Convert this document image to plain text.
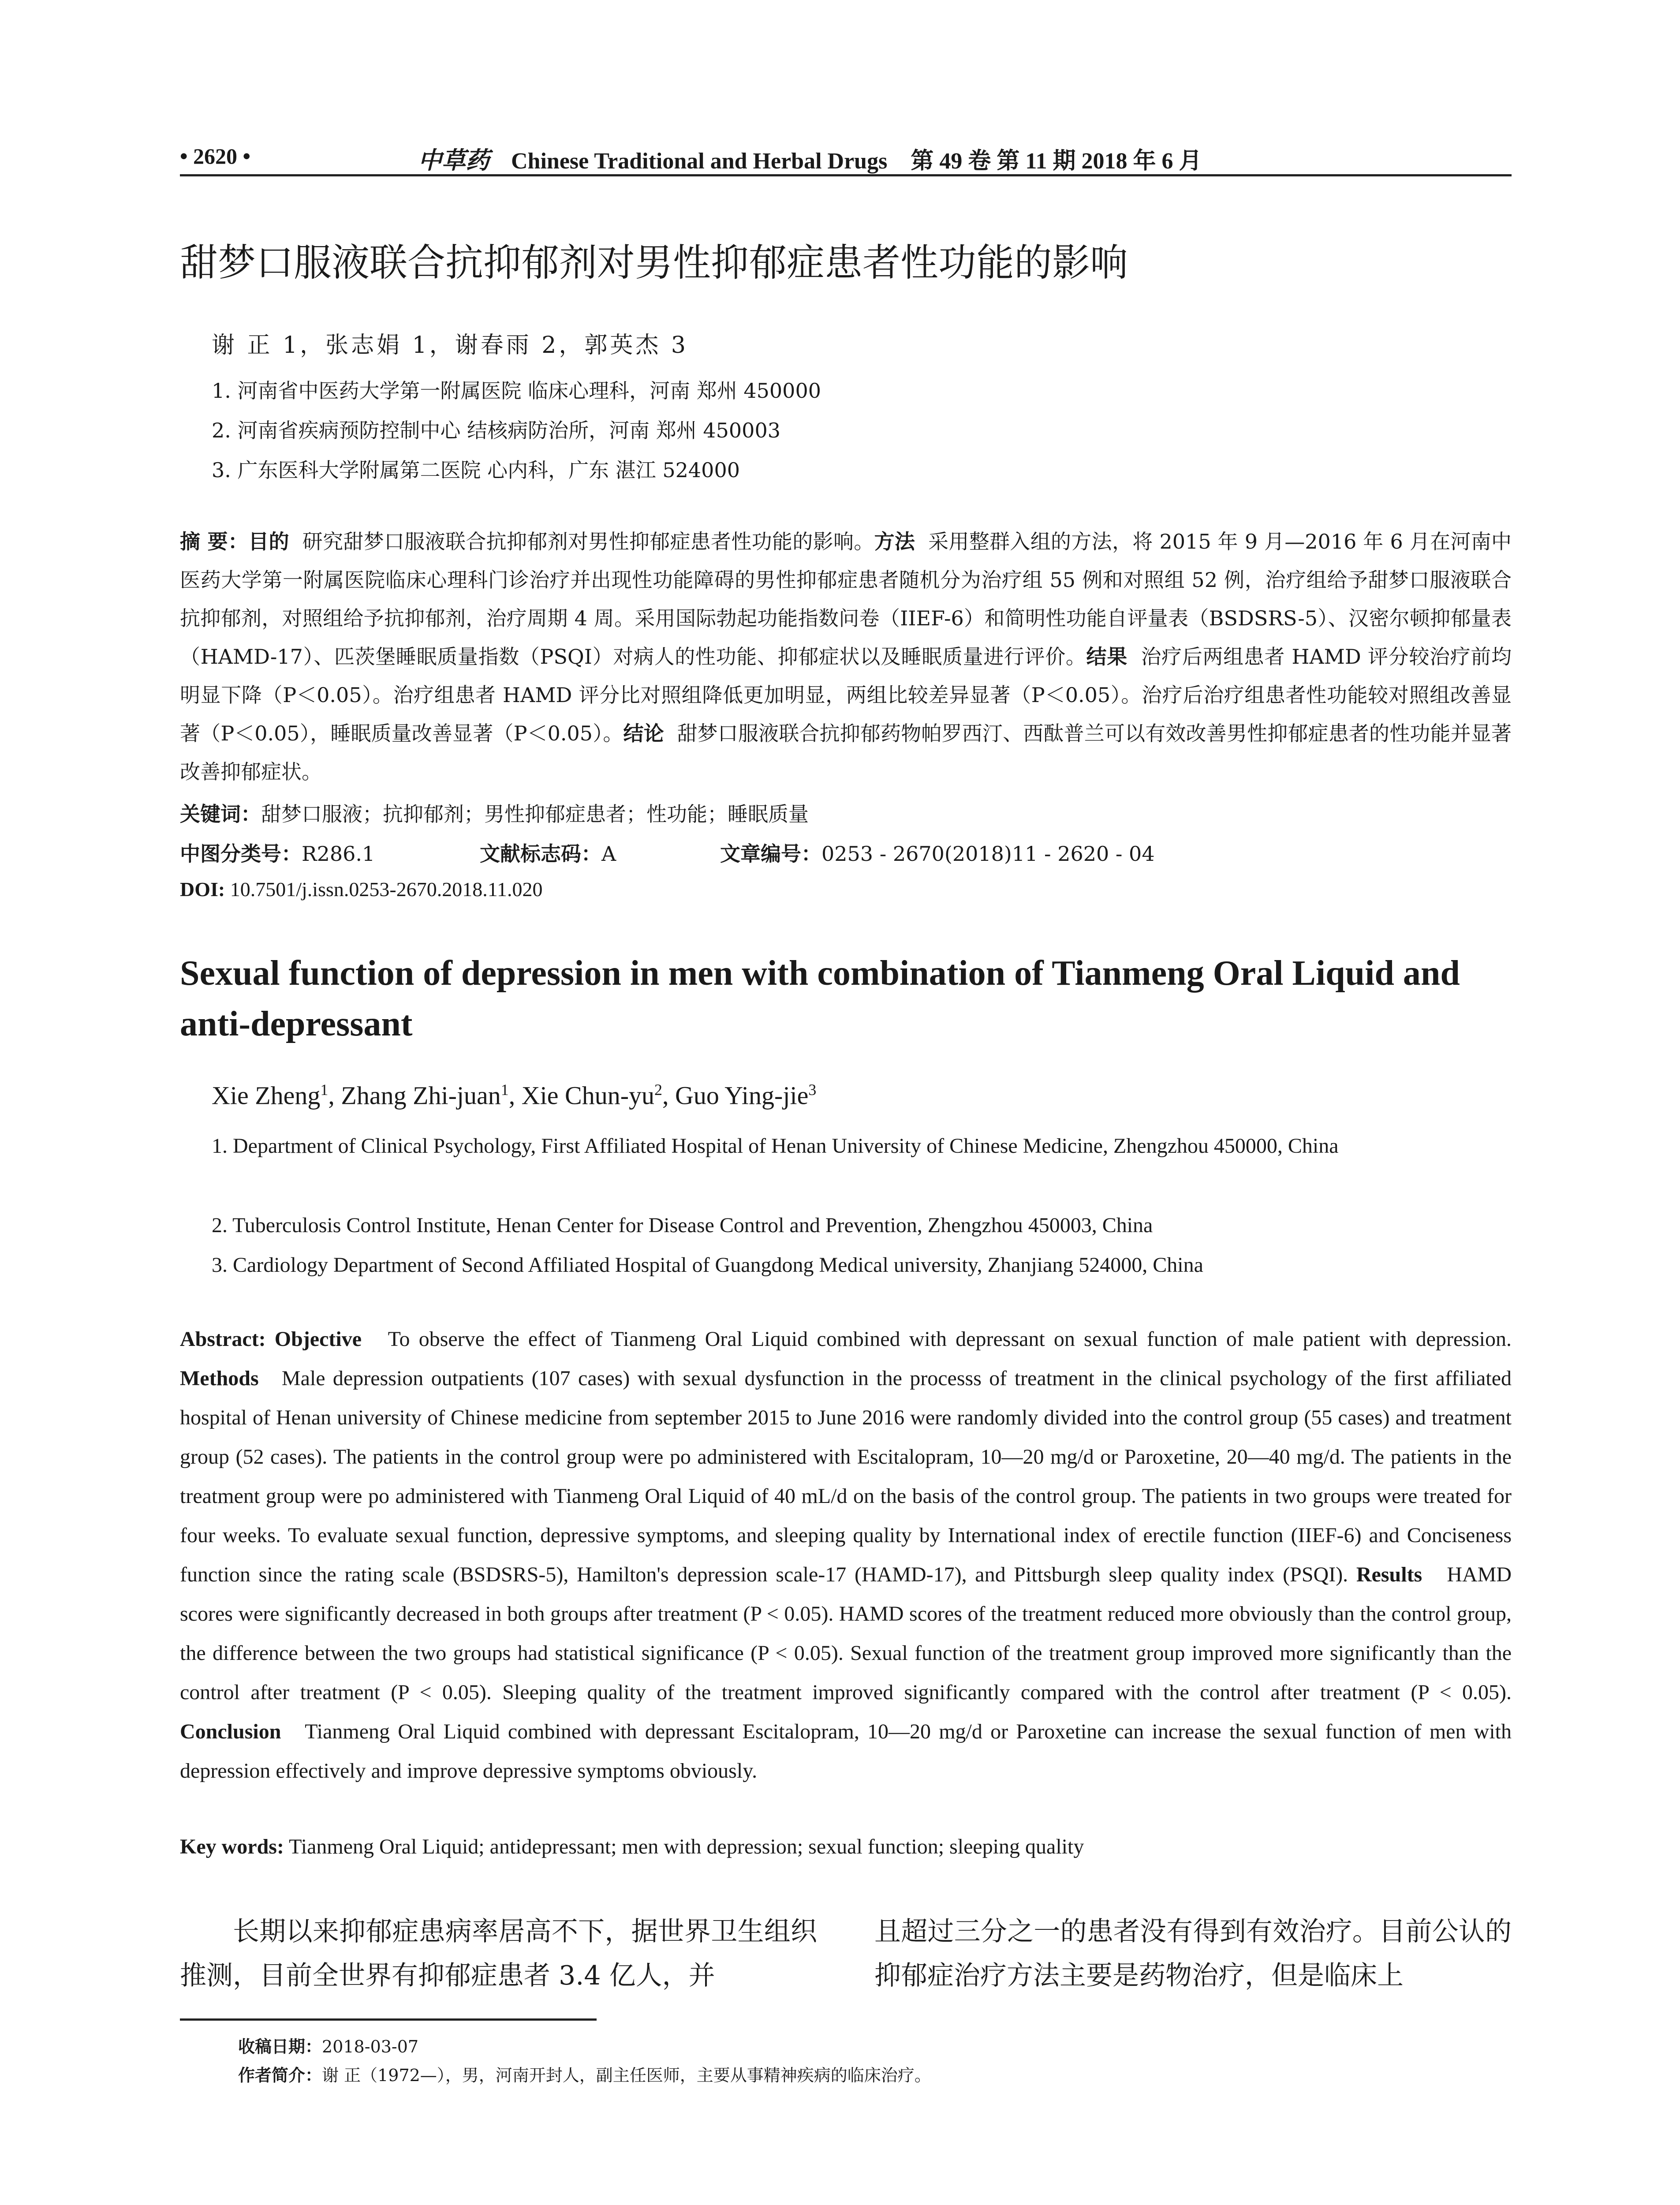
• 2620 •	中草药 Chinese Traditional and Herbal Drugs 第 49 卷 第 11 期 2018 年 6 月
甜梦口服液联合抗抑郁剂对男性抑郁症患者性功能的影响
谢 正 1，张志娟 1，谢春雨 2，郭英杰 3
1. 河南省中医药大学第一附属医院 临床心理科，河南 郑州 450000
2. 河南省疾病预防控制中心 结核病防治所，河南 郑州 450003
3. 广东医科大学附属第二医院 心内科，广东 湛江 524000
摘 要：目的 研究甜梦口服液联合抗抑郁剂对男性抑郁症患者性功能的影响。方法 采用整群入组的方法，将 2015 年 9 月—2016 年 6 月在河南中医药大学第一附属医院临床心理科门诊治疗并出现性功能障碍的男性抑郁症患者随机分为治疗组 55 例和对照组 52 例，治疗组给予甜梦口服液联合抗抑郁剂，对照组给予抗抑郁剂，治疗周期 4 周。采用国际勃起功能指数问卷（IIEF-6）和简明性功能自评量表（BSDSRS-5）、汉密尔顿抑郁量表（HAMD-17）、匹茨堡睡眠质量指数（PSQI）对病人的性功能、抑郁症状以及睡眠质量进行评价。结果 治疗后两组患者 HAMD 评分较治疗前均明显下降（P＜0.05）。治疗组患者 HAMD 评分比对照组降低更加明显，两组比较差异显著（P＜0.05）。治疗后治疗组患者性功能较对照组改善显著（P＜0.05），睡眠质量改善显著（P＜0.05）。结论 甜梦口服液联合抗抑郁药物帕罗西汀、西酞普兰可以有效改善男性抑郁症患者的性功能并显著改善抑郁症状。
关键词：甜梦口服液；抗抑郁剂；男性抑郁症患者；性功能；睡眠质量
中图分类号：R286.1	文献标志码：A	文章编号：0253 - 2670(2018)11 - 2620 - 04
DOI: 10.7501/j.issn.0253-2670.2018.11.020
Sexual function of depression in men with combination of Tianmeng Oral Liquid and anti-depressant
Xie Zheng$^1$, Zhang Zhi-juan$^1$, Xie Chun-$yu^2$, Guo Ying-jie$^3$
1. Department of Clinical Psychology, First Affiliated Hospital of Henan University of Chinese Medicine, Zhengzhou 450000, China
2. Tuberculosis Control Institute, Henan Center for Disease Control and Prevention, Zhengzhou 450003, China
3. Cardiology Department of Second Affiliated Hospital of Guangdong Medical university, Zhanjiang 524000, China
Abstract: Objective To observe the effect of Tianmeng Oral Liquid combined with depressant on sexual function of male patient with depression. Methods Male depression outpatients (107 cases) with sexual dysfunction in the processs of treatment in the clinical psychology of the first affiliated hospital of Henan university of Chinese medicine from september 2015 to June 2016 were randomly divided into the control group (55 cases) and treatment group (52 cases). The patients in the control group were po administered with Escitalopram, 10—20 mg/d or Paroxetine, 20—40 mg/d. The patients in the treatment group were po administered with Tianmeng Oral Liquid of 40 mL/d on the basis of the control group. The patients in two groups were treated for four weeks. To evaluate sexual function, depressive symptoms, and sleeping quality by International index of erectile function (IIEF-6) and Conciseness function since the rating scale (BSDSRS-5), Hamilton's depression scale-17 (HAMD-17), and Pittsburgh sleep quality index (PSQI). Results HAMD scores were significantly decreased in both groups after treatment (P < 0.05). HAMD scores of the treatment reduced more obviously than the control group, the difference between the two groups had statistical significance (P < 0.05). Sexual function of the treatment group improved more significantly than the control after treatment (P < 0.05). Sleeping quality of the treatment improved significantly compared with the control after treatment (P < 0.05). Conclusion Tianmeng Oral Liquid combined with depressant Escitalopram, 10—20 mg/d or Paroxetine can increase the sexual function of men with depression effectively and improve depressive symptoms obviously.
Key words: Tianmeng Oral Liquid; antidepressant; men with depression; sexual function; sleeping quality
长期以来抑郁症患病率居高不下，据世界卫生组织推测，目前全世界有抑郁症患者 3.4 亿人，并
且超过三分之一的患者没有得到有效治疗。目前公认的抑郁症治疗方法主要是药物治疗，但是临床上
收稿日期：2018-03-07
作者简介：谢 正（1972—），男，河南开封人，副主任医师，主要从事精神疾病的临床治疗。
